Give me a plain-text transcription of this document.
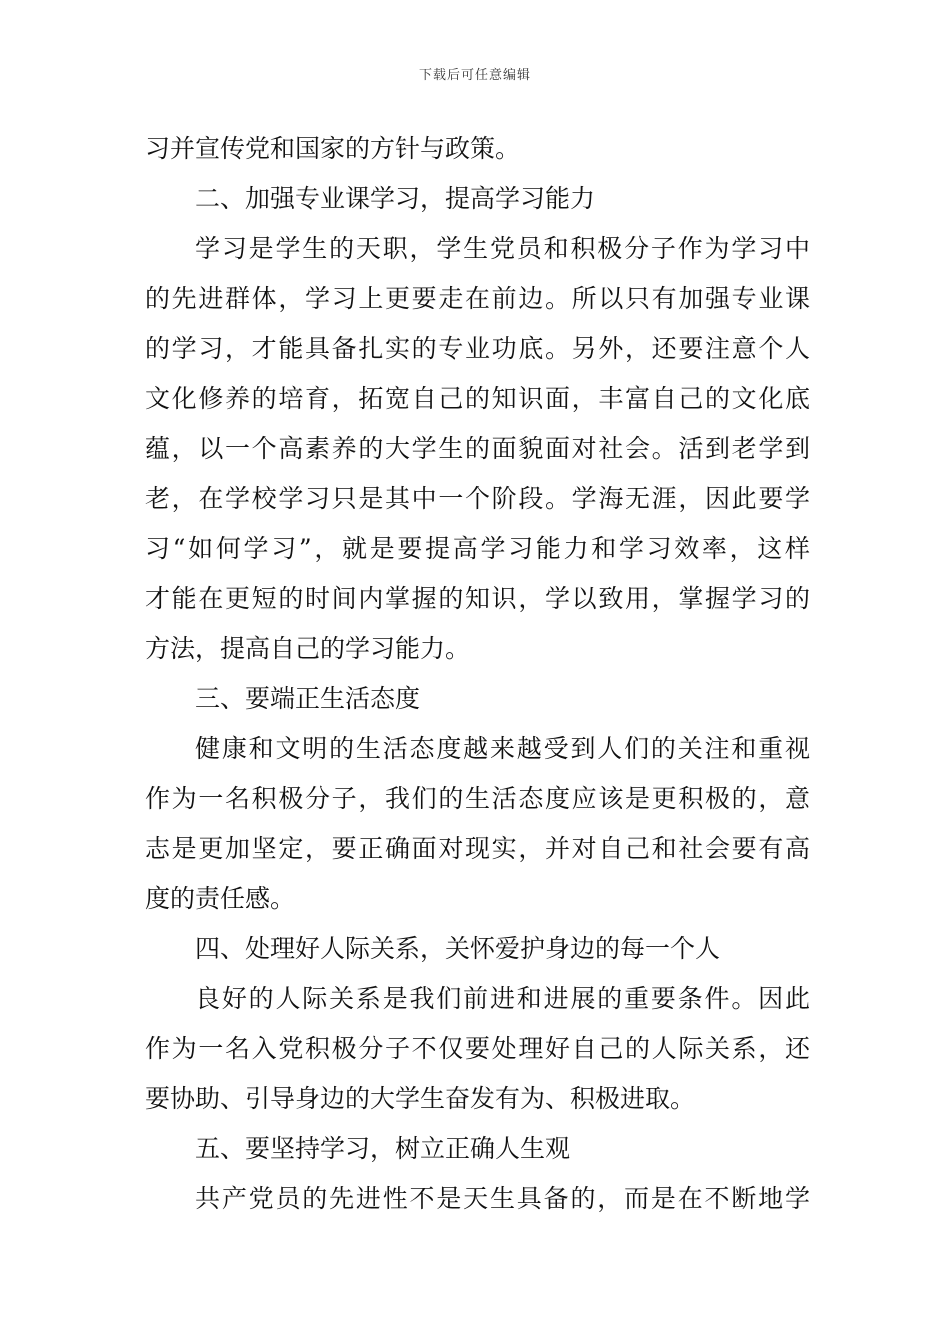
下载后可任意编辑
习并宣传党和国家的方针与政策。
二、加强专业课学习，提高学习能力
学习是学生的天职，学生党员和积极分子作为学习中
的先进群体，学习上更要走在前边。所以只有加强专业课
的学习，才能具备扎实的专业功底。另外，还要注意个人
文化修养的培育，拓宽自己的知识面，丰富自己的文化底
蕴，以一个高素养的大学生的面貌面对社会。活到老学到
老，在学校学习只是其中一个阶段。学海无涯，因此要学
习“如何学习”，就是要提高学习能力和学习效率，这样
才能在更短的时间内掌握的知识，学以致用，掌握学习的
方法，提高自己的学习能力。
三、要端正生活态度
健康和文明的生活态度越来越受到人们的关注和重视
作为一名积极分子，我们的生活态度应该是更积极的，意
志是更加坚定，要正确面对现实，并对自己和社会要有高
度的责任感。
四、处理好人际关系，关怀爱护身边的每一个人
良好的人际关系是我们前进和进展的重要条件。因此
作为一名入党积极分子不仅要处理好自己的人际关系，还
要协助、引导身边的大学生奋发有为、积极进取。
五、要坚持学习，树立正确人生观
共产党员的先进性不是天生具备的，而是在不断地学
